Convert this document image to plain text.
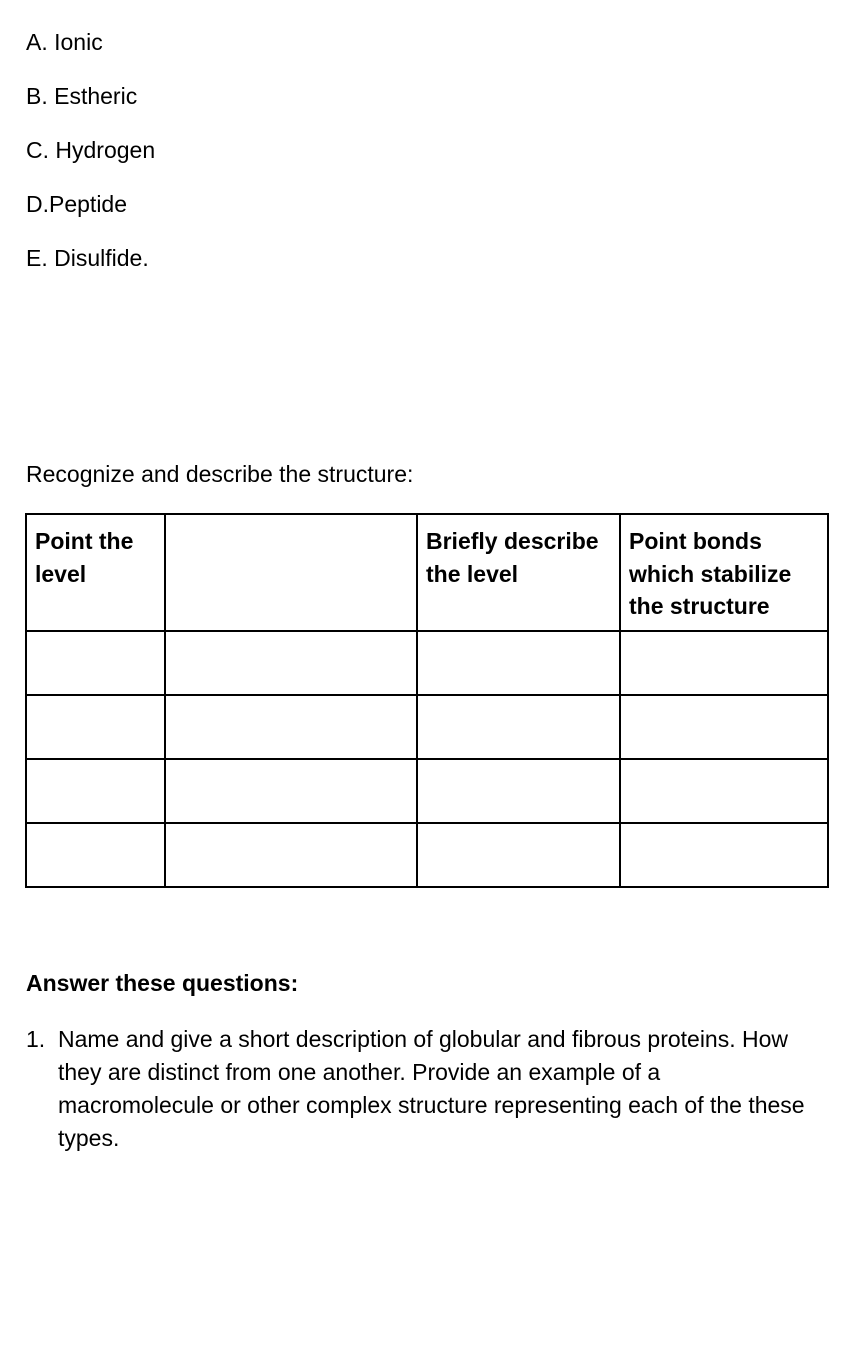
A. Ionic
B. Estheric
C. Hydrogen
D.Peptide
E. Disulfide.

Recognize and describe the structure:

Point the level		Briefly describe the level	Point bonds which stabilize the structure

Answer these questions:

1. Name and give a short description of globular and fibrous proteins. How they are distinct from one another. Provide an example of a macromolecule or other complex structure representing each of the these types.
